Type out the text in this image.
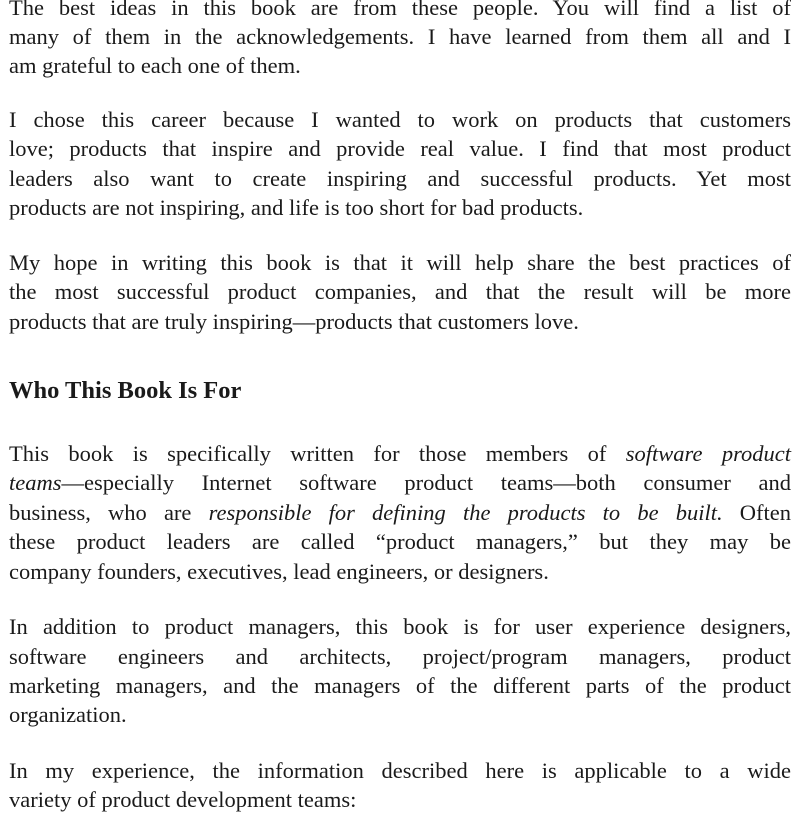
The best ideas in this book are from these people. You will find a list of
many of them in the acknowledgements. I have learned from them all and I
am grateful to each one of them.
I chose this career because I wanted to work on products that customers
love; products that inspire and provide real value. I find that most product
leaders also want to create inspiring and successful products. Yet most
products are not inspiring, and life is too short for bad products.
My hope in writing this book is that it will help share the best practices of
the most successful product companies, and that the result will be more
products that are truly inspiring—products that customers love.
Who This Book Is For
This book is specifically written for those members of software product
teams—especially Internet software product teams—both consumer and
business, who are responsible for defining the products to be built. Often
these product leaders are called “product managers,” but they may be
company founders, executives, lead engineers, or designers.
In addition to product managers, this book is for user experience designers,
software engineers and architects, project/program managers, product
marketing managers, and the managers of the different parts of the product
organization.
In my experience, the information described here is applicable to a wide
variety of product development teams:
